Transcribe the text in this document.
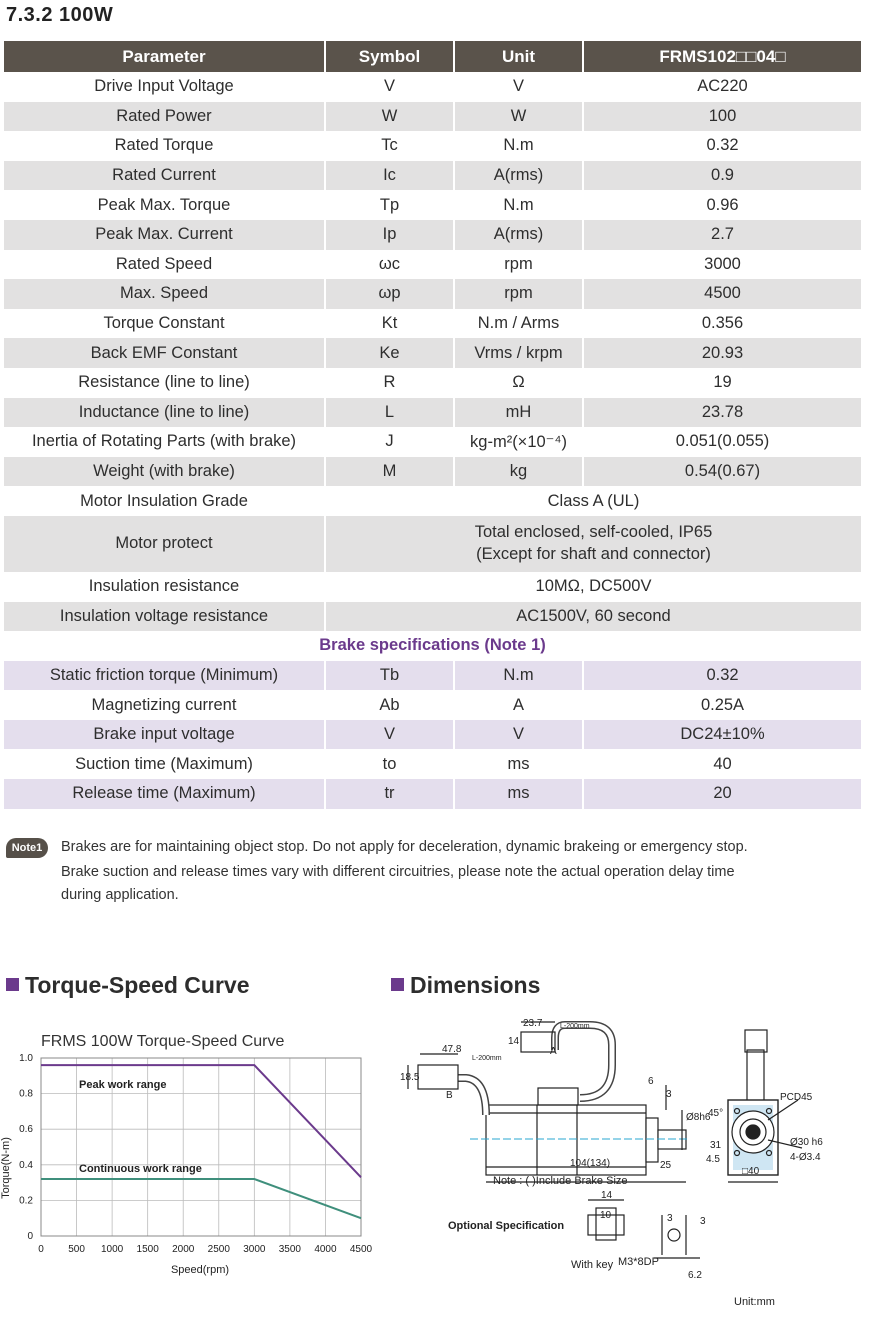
7.3.2 100W
Parameter	Symbol	Unit	FRMS102□□04□
Drive Input Voltage	V	V	AC220
Rated Power	W	W	100
Rated Torque	Tc	N.m	0.32
Rated Current	Ic	A(rms)	0.9
Peak Max. Torque	Tp	N.m	0.96
Peak Max. Current	Ip	A(rms)	2.7
Rated Speed	ωc	rpm	3000
Max. Speed	ωp	rpm	4500
Torque Constant	Kt	N.m / Arms	0.356
Back EMF Constant	Ke	Vrms / krpm	20.93
Resistance (line to line)	R	Ω	19
Inductance (line to line)	L	mH	23.78
Inertia of Rotating Parts (with brake)	J	kg-m²(×10⁻⁴)	0.051(0.055)
Weight (with brake)	M	kg	0.54(0.67)
Motor Insulation Grade	Class A (UL)		
Motor protect	Total enclosed, self-cooled, IP65
(Except for shaft and connector)		

Insulation resistance	10MΩ, DC500V		
Insulation voltage resistance	AC1500V, 60 second		
Brake specifications (Note 1)			
Static friction torque (Minimum)	Tb	N.m	0.32
Magnetizing current	Ab	A	0.25A
Brake input voltage	V	V	DC24±10%
Suction time (Maximum)	to	ms	40
Release time (Maximum)	tr	ms	20
Note1	Brakes are for maintaining object stop. Do not apply for deceleration, dynamic brakeing or emergency stop.
Brake suction and release times vary with different circuitries, please note the actual operation delay time
during application.
Torque-Speed Curve	Dimensions
FRMS 100W Torque-Speed Curve
0 500 1000 1500 2000 2500 3000 3500 4000 4500
0
0.2
0.4
0.6
0.8
1.0
Peak work range
Continuous work range
Speed(rpm)
Torque(N-m)
23.7	L-200mm
14
A
47.8
L-200mm
18.5
B
6
3
Ø8h6
45°
PCD45
31
4.5
Ø30 h6
4-Ø3.4
□40
104(134)	25
14
10	3	3
6.2
Note : ( )Include Brake Size
Optional Specification
With key M3*8DP
Unit:mm
